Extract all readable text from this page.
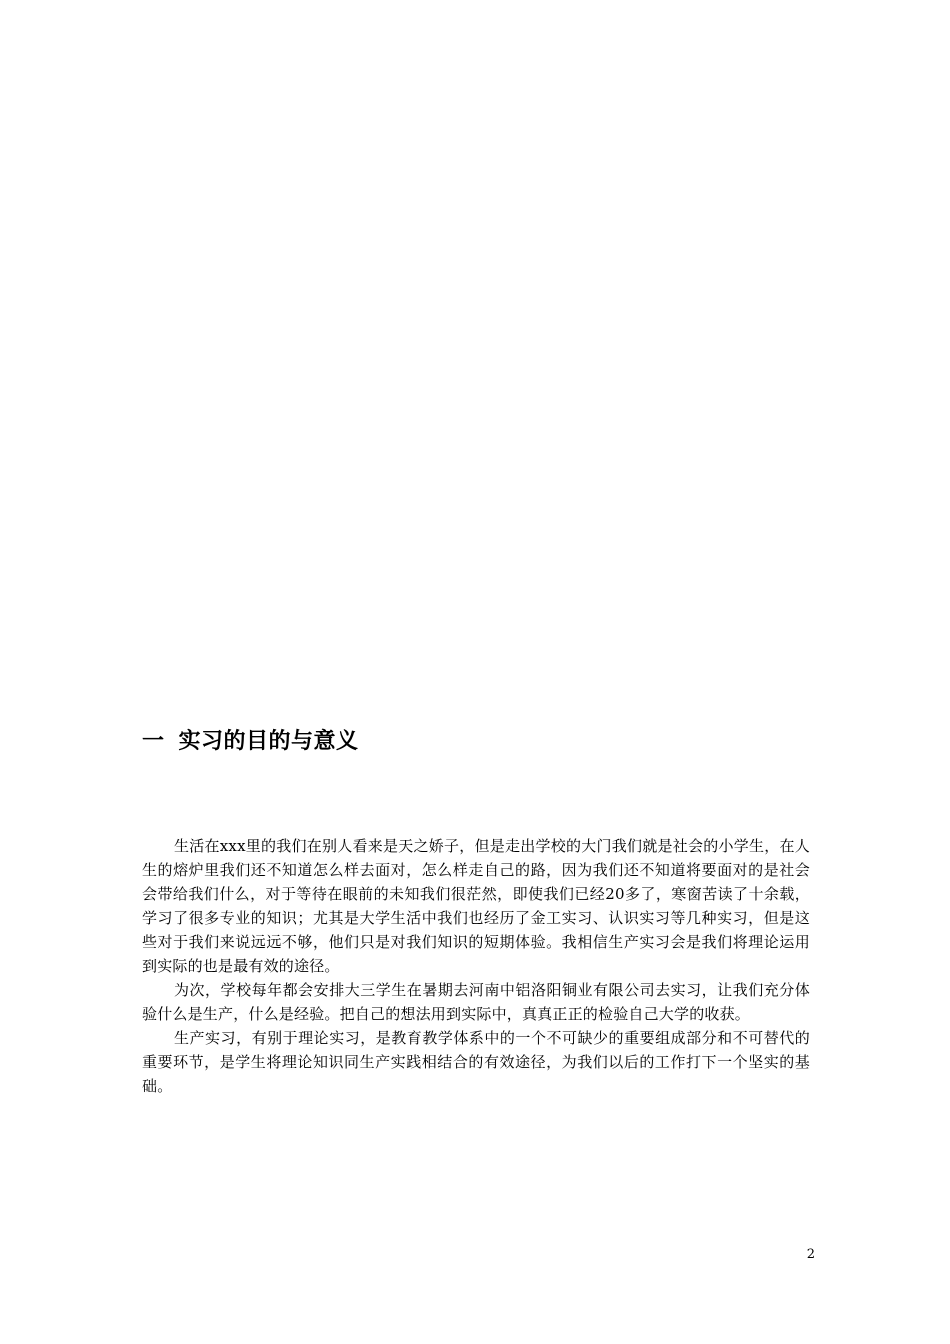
一 实习的目的与意义

生活在xxx里的我们在别人看来是天之娇子，但是走出学校的大门我们就是社会的小学生，在人生的熔炉里我们还不知道怎么样去面对，怎么样走自己的路，因为我们还不知道将要面对的是社会会带给我们什么，对于等待在眼前的未知我们很茫然，即使我们已经20多了，寒窗苦读了十余载，学习了很多专业的知识；尤其是大学生活中我们也经历了金工实习、认识实习等几种实习，但是这些对于我们来说远远不够，他们只是对我们知识的短期体验。我相信生产实习会是我们将理论运用到实际的也是最有效的途径。

为次，学校每年都会安排大三学生在暑期去河南中铝洛阳铜业有限公司去实习，让我们充分体验什么是生产，什么是经验。把自己的想法用到实际中，真真正正的检验自己大学的收获。

生产实习，有别于理论实习，是教育教学体系中的一个不可缺少的重要组成部分和不可替代的重要环节，是学生将理论知识同生产实践相结合的有效途径，为我们以后的工作打下一个坚实的基础。

2
